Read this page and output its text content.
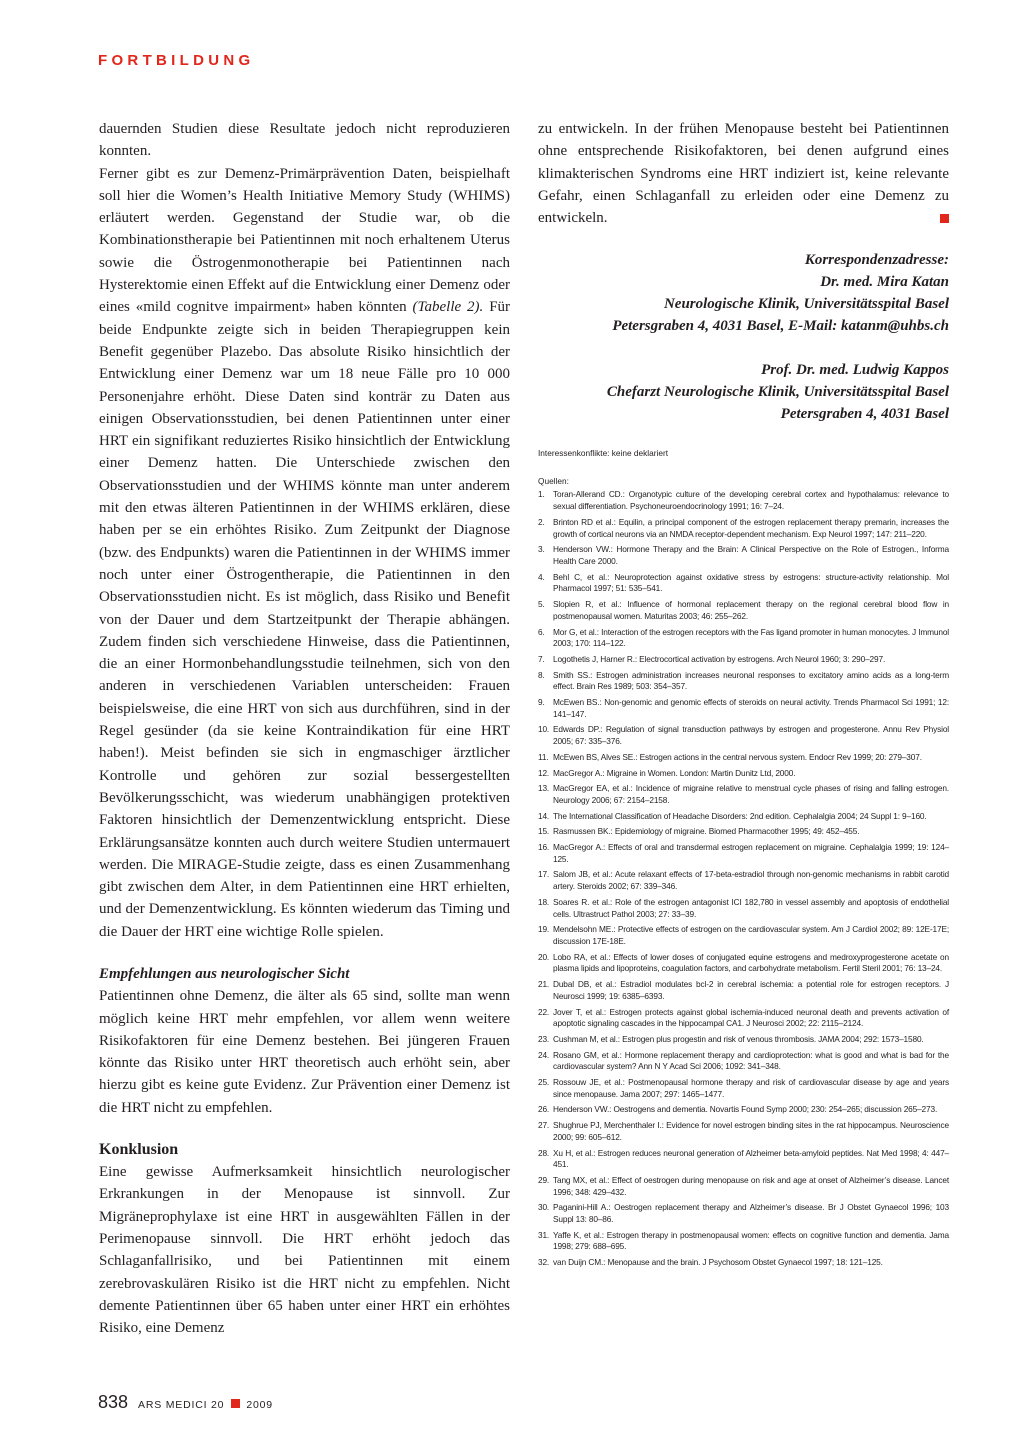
FORTBILDUNG

dauernden Studien diese Resultate jedoch nicht reproduzieren konnten.

Ferner gibt es zur Demenz-Primärprävention Daten, beispielhaft soll hier die Women’s Health Initiative Memory Study (WHIMS) erläutert werden. Gegenstand der Studie war, ob die Kombinationstherapie bei Patientinnen mit noch erhaltenem Uterus sowie die Östrogenmonotherapie bei Patientinnen nach Hysterektomie einen Effekt auf die Entwicklung einer Demenz oder eines «mild cognitve impairment» haben könnten (Tabelle 2). Für beide Endpunkte zeigte sich in beiden Therapiegruppen kein Benefit gegenüber Plazebo. Das absolute Risiko hinsichtlich der Entwicklung einer Demenz war um 18 neue Fälle pro 10 000 Personenjahre erhöht. Diese Daten sind konträr zu Daten aus einigen Observationsstudien, bei denen Patientinnen unter einer HRT ein signifikant reduziertes Risiko hinsichtlich der Entwicklung einer Demenz hatten. Die Unterschiede zwischen den Observationsstudien und der WHIMS könnte man unter anderem mit den etwas älteren Patientinnen in der WHIMS erklären, diese haben per se ein erhöhtes Risiko. Zum Zeitpunkt der Diagnose (bzw. des Endpunkts) waren die Patientinnen in der WHIMS immer noch unter einer Östrogentherapie, die Patientinnen in den Observationsstudien nicht. Es ist möglich, dass Risiko und Benefit von der Dauer und dem Startzeitpunkt der Therapie abhängen. Zudem finden sich verschiedene Hinweise, dass die Patientinnen, die an einer Hormonbehandlungsstudie teilnehmen, sich von den anderen in verschiedenen Variablen unterscheiden: Frauen beispielsweise, die eine HRT von sich aus durchführen, sind in der Regel gesünder (da sie keine Kontraindikation für eine HRT haben!). Meist befinden sie sich in engmaschiger ärztlicher Kontrolle und gehören zur sozial bessergestellten Bevölkerungsschicht, was wiederum unabhängigen protektiven Faktoren hinsichtlich der Demenzentwicklung entspricht. Diese Erklärungsansätze konnten auch durch weitere Studien untermauert werden. Die MIRAGE-Studie zeigte, dass es einen Zusammenhang gibt zwischen dem Alter, in dem Patientinnen eine HRT erhielten, und der Demenzentwicklung. Es könnten wiederum das Timing und die Dauer der HRT eine wichtige Rolle spielen.

Empfehlungen aus neurologischer Sicht

Patientinnen ohne Demenz, die älter als 65 sind, sollte man wenn möglich keine HRT mehr empfehlen, vor allem wenn weitere Risikofaktoren für eine Demenz bestehen. Bei jüngeren Frauen könnte das Risiko unter HRT theoretisch auch erhöht sein, aber hierzu gibt es keine gute Evidenz. Zur Prävention einer Demenz ist die HRT nicht zu empfehlen.

Konklusion

Eine gewisse Aufmerksamkeit hinsichtlich neurologischer Erkrankungen in der Menopause ist sinnvoll. Zur Migräneprophylaxe ist eine HRT in ausgewählten Fällen in der Perimenopause sinnvoll. Die HRT erhöht jedoch das Schlaganfallrisiko, und bei Patientinnen mit einem zerebrovaskulären Risiko ist die HRT nicht zu empfehlen. Nicht demente Patientinnen über 65 haben unter einer HRT ein erhöhtes Risiko, eine Demenz

zu entwickeln. In der frühen Menopause besteht bei Patientinnen ohne entsprechende Risikofaktoren, bei denen aufgrund eines klimakterischen Syndroms eine HRT indiziert ist, keine relevante Gefahr, einen Schlaganfall zu erleiden oder eine Demenz zu entwickeln.

Korrespondenzadresse:
Dr. med. Mira Katan
Neurologische Klinik, Universitätsspital Basel
Petersgraben 4, 4031 Basel, E-Mail: katanm@uhbs.ch
Prof. Dr. med. Ludwig Kappos
Chefarzt Neurologische Klinik, Universitätsspital Basel
Petersgraben 4, 4031 Basel
Interessenkonflikte: keine deklariert
Quellen:
1.	Toran-Allerand CD.: Organotypic culture of the developing cerebral cortex and hypothalamus: relevance to sexual differentiation. Psychoneuroendocrinology 1991; 16: 7–24.
2.	Brinton RD et al.: Equilin, a principal component of the estrogen replacement therapy premarin, increases the growth of cortical neurons via an NMDA receptor-dependent mechanism. Exp Neurol 1997; 147: 211–220.
3.	Henderson VW.: Hormone Therapy and the Brain: A Clinical Perspective on the Role of Estrogen., Informa Health Care 2000.
4.	Behl C, et al.: Neuroprotection against oxidative stress by estrogens: structure-activity relationship. Mol Pharmacol 1997; 51: 535–541.
5.	Slopien R, et al.: Influence of hormonal replacement therapy on the regional cerebral blood flow in postmenopausal women. Maturitas 2003; 46: 255–262.
6.	Mor G, et al.: Interaction of the estrogen receptors with the Fas ligand promoter in human monocytes. J Immunol 2003; 170: 114–122.
7.	Logothetis J, Harner R.: Electrocortical activation by estrogens. Arch Neurol 1960; 3: 290–297.
8.	Smith SS.: Estrogen administration increases neuronal responses to excitatory amino acids as a long-term effect. Brain Res 1989; 503: 354–357.
9.	McEwen BS.: Non-genomic and genomic effects of steroids on neural activity. Trends Pharmacol Sci 1991; 12: 141–147.
10. Edwards DP.: Regulation of signal transduction pathways by estrogen and progesterone. Annu Rev Physiol 2005; 67: 335–376.
11. McEwen BS, Alves SE.: Estrogen actions in the central nervous system. Endocr Rev 1999; 20: 279–307.
12. MacGregor A.: Migraine in Women. London: Martin Dunitz Ltd, 2000.
13. MacGregor EA, et al.: Incidence of migraine relative to menstrual cycle phases of rising and falling estrogen. Neurology 2006; 67: 2154–2158.
14. The International Classification of Headache Disorders: 2nd edition. Cephalalgia 2004; 24 Suppl 1: 9–160.
15. Rasmussen BK.: Epidemiology of migraine. Biomed Pharmacother 1995; 49: 452–455.
16. MacGregor A.: Effects of oral and transdermal estrogen replacement on migraine. Cephalalgia 1999; 19: 124–125.
17. Salom JB, et al.: Acute relaxant effects of 17-beta-estradiol through non-genomic mechanisms in rabbit carotid artery. Steroids 2002; 67: 339–346.
18. Soares R. et al.: Role of the estrogen antagonist ICI 182,780 in vessel assembly and apoptosis of endothelial cells. Ultrastruct Pathol 2003; 27: 33–39.
19. Mendelsohn ME.: Protective effects of estrogen on the cardiovascular system. Am J Cardiol 2002; 89: 12E-17E; discussion 17E-18E.
20. Lobo RA, et al.: Effects of lower doses of conjugated equine estrogens and medroxyprogesterone acetate on plasma lipids and lipoproteins, coagulation factors, and carbohydrate metabolism. Fertil Steril 2001; 76: 13–24.
21. Dubal DB, et al.: Estradiol modulates bcl-2 in cerebral ischemia: a potential role for estrogen receptors. J Neurosci 1999; 19: 6385–6393.
22. Jover T, et al.: Estrogen protects against global ischemia-induced neuronal death and prevents activation of apoptotic signaling cascades in the hippocampal CA1. J Neurosci 2002; 22: 2115–2124.
23. Cushman M, et al.: Estrogen plus progestin and risk of venous thrombosis. JAMA 2004; 292: 1573–1580.
24. Rosano GM, et al.: Hormone replacement therapy and cardioprotection: what is good and what is bad for the cardiovascular system? Ann N Y Acad Sci 2006; 1092: 341–348.
25. Rossouw JE, et al.: Postmenopausal hormone therapy and risk of cardiovascular disease by age and years since menopause. Jama 2007; 297: 1465–1477.
26. Henderson VW.: Oestrogens and dementia. Novartis Found Symp 2000; 230: 254–265; discussion 265–273.
27. Shughrue PJ, Merchenthaler I.: Evidence for novel estrogen binding sites in the rat hippocampus. Neuroscience 2000; 99: 605–612.
28. Xu H, et al.: Estrogen reduces neuronal generation of Alzheimer beta-amyloid peptides. Nat Med 1998; 4: 447–451.
29. Tang MX, et al.: Effect of oestrogen during menopause on risk and age at onset of Alzheimer’s disease. Lancet 1996; 348: 429–432.
30. Paganini-Hill A.: Oestrogen replacement therapy and Alzheimer’s disease. Br J Obstet Gynaecol 1996; 103 Suppl 13: 80–86.
31. Yaffe K, et al.: Estrogen therapy in postmenopausal women: effects on cognitive function and dementia. Jama 1998; 279: 688–695.
32. van Duijn CM.: Menopause and the brain. J Psychosom Obstet Gynaecol 1997; 18: 121–125.
838 ARS MEDICI 20 2009
